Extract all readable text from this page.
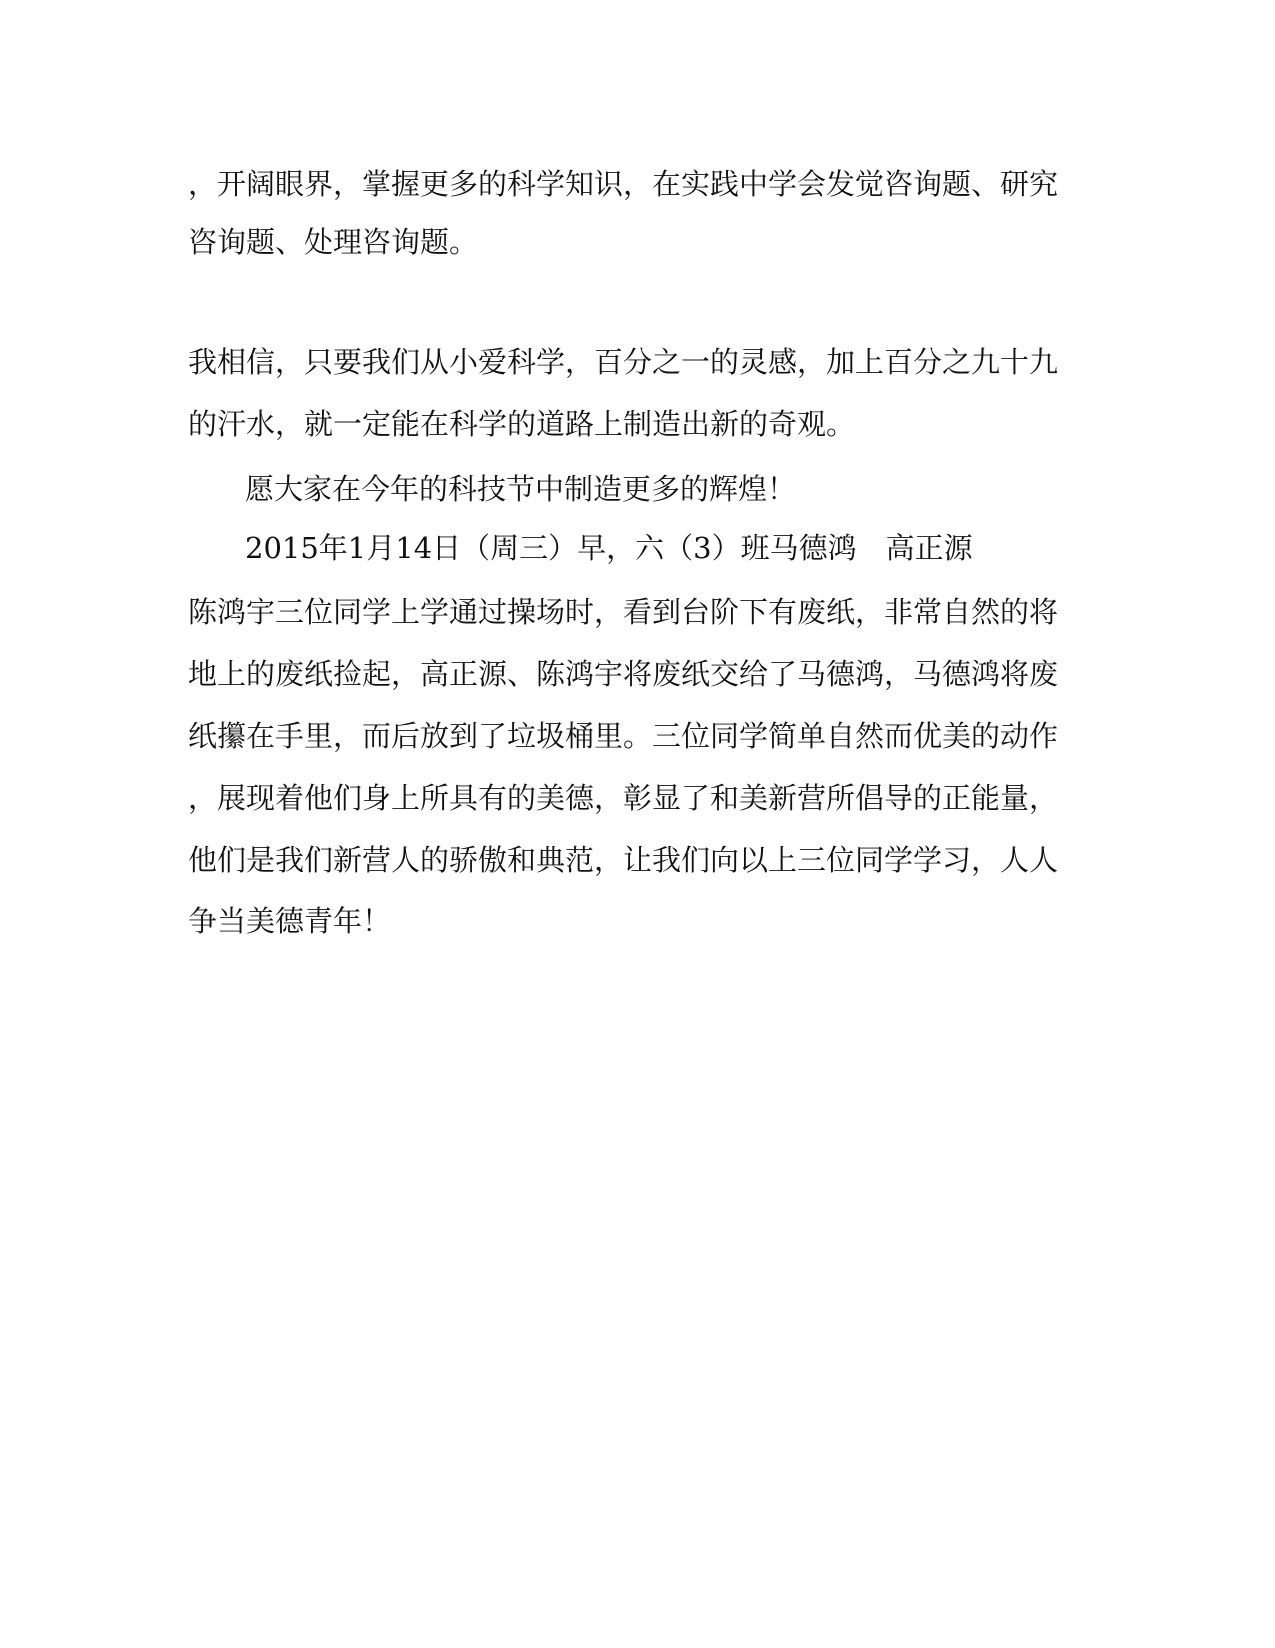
，开阔眼界，掌握更多的科学知识，在实践中学会发觉咨询题、研究
咨询题、处理咨询题。
我相信，只要我们从小爱科学，百分之一的灵感，加上百分之九十九
的汗水，就一定能在科学的道路上制造出新的奇观。
愿大家在今年的科技节中制造更多的辉煌！
2015年1月14日（周三）早，六（3）班马德鸿　高正源
陈鸿宇三位同学上学通过操场时，看到台阶下有废纸，非常自然的将
地上的废纸捡起，高正源、陈鸿宇将废纸交给了马德鸿，马德鸿将废
纸攥在手里，而后放到了垃圾桶里。三位同学简单自然而优美的动作
，展现着他们身上所具有的美德，彰显了和美新营所倡导的正能量，
他们是我们新营人的骄傲和典范，让我们向以上三位同学学习，人人
争当美德青年！
